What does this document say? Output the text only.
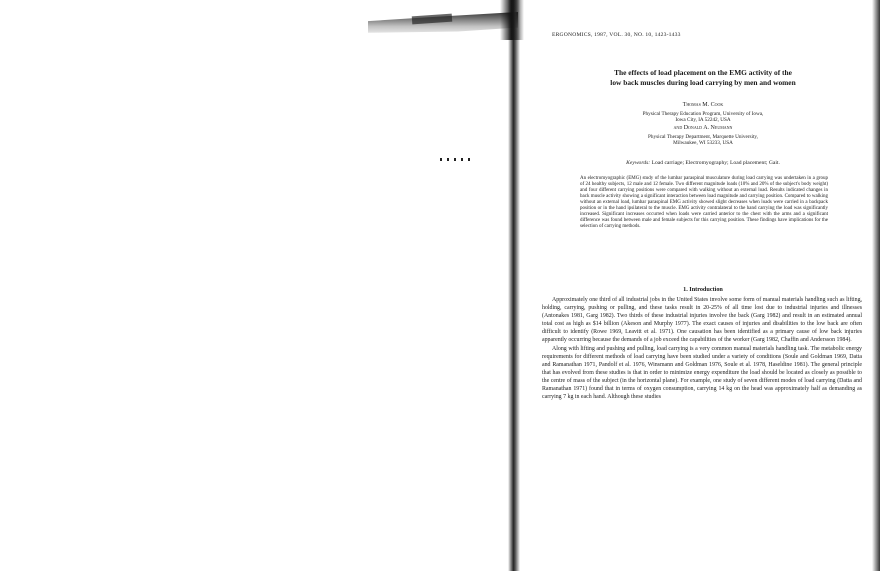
ERGONOMICS, 1987, VOL. 30, NO. 10, 1423-1433
The effects of load placement on the EMG activity of the
low back muscles during load carrying by men and women
Thomas M. Cook
Physical Therapy Education Program, University of Iowa,
Iowa City, IA 52242, USA
and Donald A. Neumann
Physical Therapy Department, Marquette University,
Milwaukee, WI 53233, USA
Keywords: Load carriage; Electromyography; Load placement; Gait.
An electromyographic (EMG) study of the lumbar paraspinal musculature during load carrying was undertaken in a group of 24 healthy subjects, 12 male and 12 female. Two different magnitude loads (10% and 20% of the subject's body weight) and four different carrying positions were compared with walking without an external load. Results indicated changes in back muscle activity showing a significant interaction between load magnitude and carrying position. Compared to walking without an external load, lumbar paraspinal EMG activity showed slight decreases when loads were carried in a backpack position or in the hand ipsilateral to the muscle. EMG activity contralateral to the hand carrying the load was significantly increased. Significant increases occurred when loads were carried anterior to the chest with the arms and a significant difference was found between male and female subjects for this carrying position. These findings have implications for the selection of carrying methods.
1. Introduction

Approximately one third of all industrial jobs in the United States involve some form of manual materials handling such as lifting, holding, carrying, pushing or pulling, and these tasks result in 20-25% of all time lost due to industrial injuries and illnesses (Antonakes 1981, Garg 1982). Two thirds of these industrial injuries involve the back (Garg 1982) and result in an estimated annual total cost as high as $14 billion (Akeson and Murphy 1977). The exact causes of injuries and disabilities to the low back are often difficult to identify (Rowe 1969, Leavitt et al. 1971). One causation has been identified as a primary cause of low back injuries apparently occurring because the demands of a job exceed the capabilities of the worker (Garg 1982, Chaffin and Andersson 1984).

Along with lifting and pushing and pulling, load carrying is a very common manual materials handling task. The metabolic energy requirements for different methods of load carrying have been studied under a variety of conditions (Soule and Goldman 1969, Datta and Ramanathan 1971, Pandolf et al. 1976, Winsmann and Goldman 1976, Soule et al. 1978, Haseldine 1981). The general principle that has evolved from these studies is that in order to minimize energy expenditure the load should be located as closely as possible to the centre of mass of the subject (in the horizontal plane). For example, one study of seven different modes of load carrying (Datta and Ramanathan 1971) found that in terms of oxygen consumption, carrying 14 kg on the head was approximately half as demanding as carrying 7 kg in each hand. Although these studies
